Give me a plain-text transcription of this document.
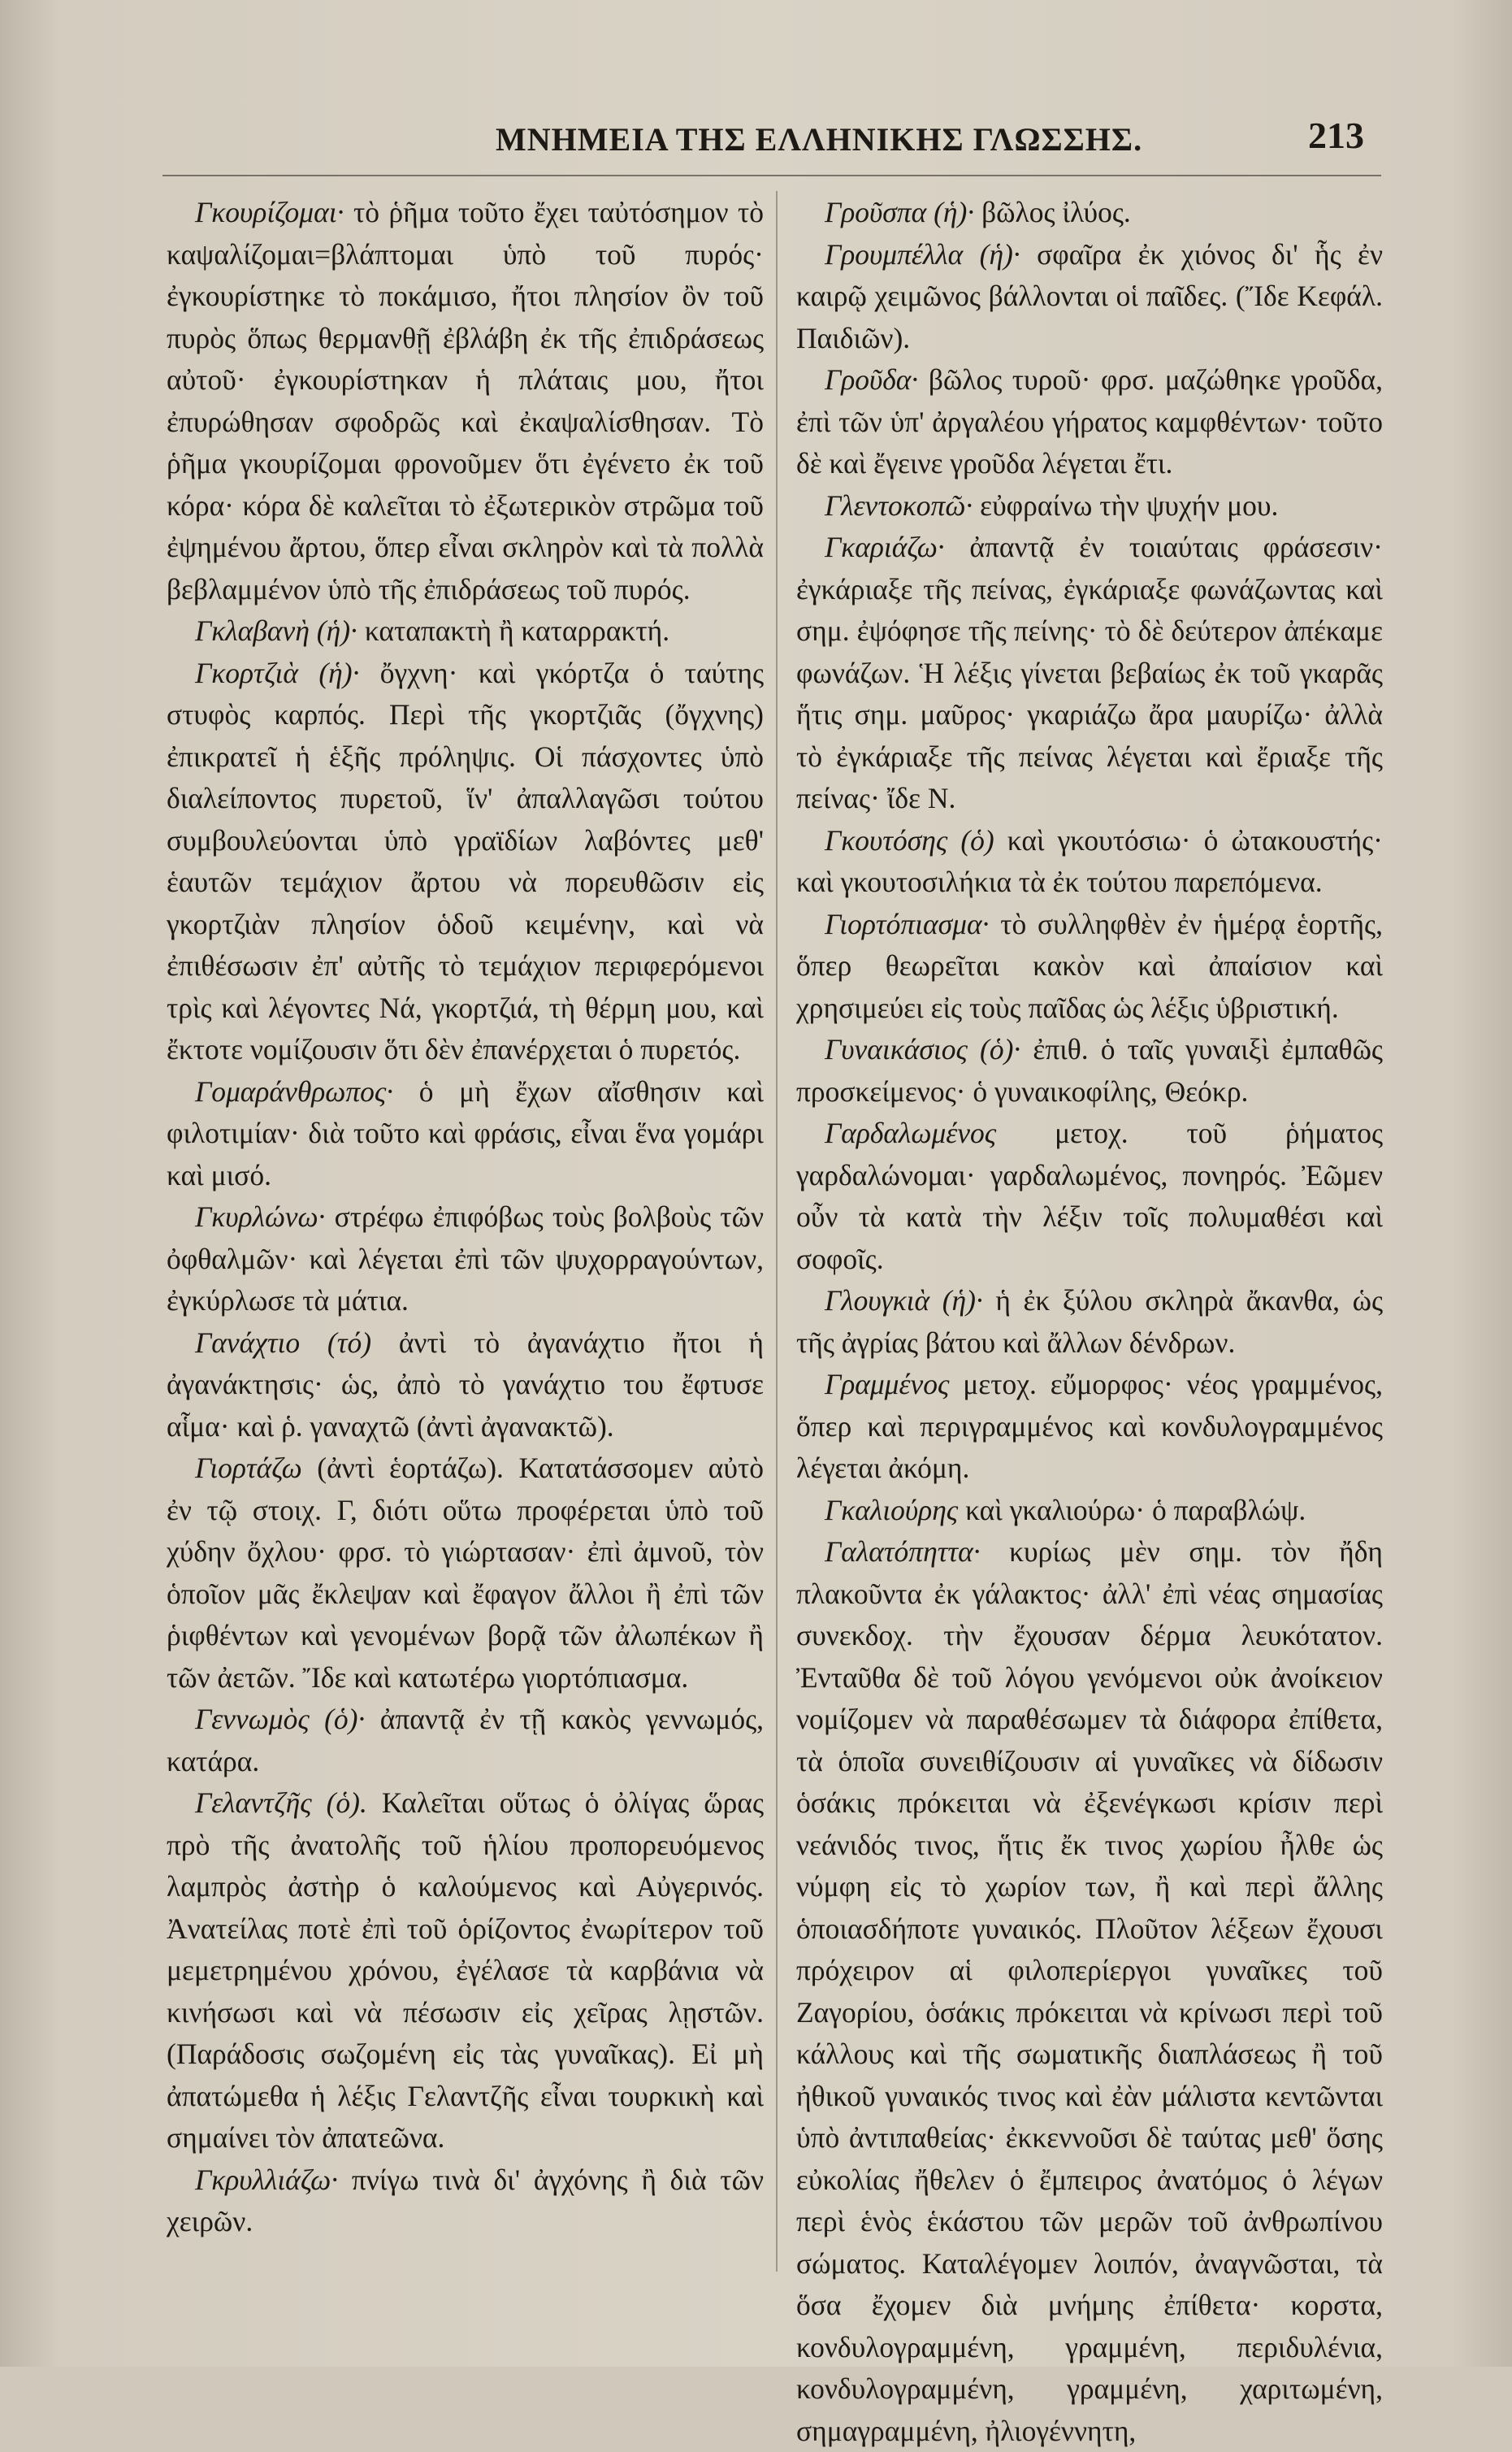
ΜΝΗΜΕΙΑ ΤΗΣ ΕΛΛΗΝΙΚΗΣ ΓΛΩΣΣΗΣ.	213

Γκουρίζομαι· τὸ ῥῆμα τοῦτο ἔχει ταὐτόσημον τὸ καψαλίζομαι=βλάπτομαι ὑπὸ τοῦ πυρός· ἐγκουρίστηκε τὸ ποκάμισο, ἤτοι πλησίον ὂν τοῦ πυρὸς ὅπως θερμανθῇ ἐβλάβη ἐκ τῆς ἐπιδράσεως αὐτοῦ· ἐγκουρίστηκαν ἡ πλάταις μου, ἤτοι ἐπυρώθησαν σφοδρῶς καὶ ἐκαψαλίσθησαν. Τὸ ῥῆμα γκουρίζομαι φρονοῦμεν ὅτι ἐγένετο ἐκ τοῦ κόρα· κόρα δὲ καλεῖται τὸ ἐξωτερικὸν στρῶμα τοῦ ἐψημένου ἄρτου, ὅπερ εἶναι σκληρὸν καὶ τὰ πολλὰ βεβλαμμένον ὑπὸ τῆς ἐπιδράσεως τοῦ πυρός.

Γκλαβανὴ (ἡ)· καταπακτὴ ἢ καταρρακτή.

Γκορτζιὰ (ἡ)· ὄγχνη· καὶ γκόρτζα ὁ ταύτης στυφὸς καρπός. Περὶ τῆς γκορτζιᾶς (ὄγχνης) ἐπικρατεῖ ἡ ἑξῆς πρόληψις. Οἱ πάσχοντες ὑπὸ διαλείποντος πυρετοῦ, ἵν' ἀπαλλαγῶσι τούτου συμβουλεύονται ὑπὸ γραϊδίων λαβόντες μεθ' ἑαυτῶν τεμάχιον ἄρτου νὰ πορευθῶσιν εἰς γκορτζιὰν πλησίον ὁδοῦ κειμένην, καὶ νὰ ἐπιθέσωσιν ἐπ' αὐτῆς τὸ τεμάχιον περιφερόμενοι τρὶς καὶ λέγοντες Νά, γκορτζιά, τὴ θέρμη μου, καὶ ἔκτοτε νομίζουσιν ὅτι δὲν ἐπανέρχεται ὁ πυρετός.

Γομαράνθρωπος· ὁ μὴ ἔχων αἴσθησιν καὶ φιλοτιμίαν· διὰ τοῦτο καὶ φράσις, εἶναι ἕνα γομάρι καὶ μισό.

Γκυρλώνω· στρέφω ἐπιφόβως τοὺς βολβοὺς τῶν ὀφθαλμῶν· καὶ λέγεται ἐπὶ τῶν ψυχορραγούντων, ἐγκύρλωσε τὰ μάτια.

Γανάχτιο (τό) ἀντὶ τὸ ἀγανάχτιο ἤτοι ἡ ἀγανάκτησις· ὡς, ἀπὸ τὸ γανάχτιο του ἔφτυσε αἷμα· καὶ ῥ. γαναχτῶ (ἀντὶ ἀγανακτῶ).

Γιορτάζω (ἀντὶ ἑορτάζω). Κατατάσσομεν αὐτὸ ἐν τῷ στοιχ. Γ, διότι οὕτω προφέρεται ὑπὸ τοῦ χύδην ὄχλου· φρσ. τὸ γιώρτασαν· ἐπὶ ἀμνοῦ, τὸν ὁποῖον μᾶς ἔκλεψαν καὶ ἔφαγον ἄλλοι ἢ ἐπὶ τῶν ῥιφθέντων καὶ γενομένων βορᾷ τῶν ἀλωπέκων ἢ τῶν ἀετῶν. Ἴδε καὶ κατωτέρω γιορτόπιασμα.

Γεννωμὸς (ὁ)· ἀπαντᾷ ἐν τῇ κακὸς γεννωμός, κατάρα.

Γελαντζῆς (ὁ). Καλεῖται οὕτως ὁ ὀλίγας ὥρας πρὸ τῆς ἀνατολῆς τοῦ ἡλίου προπορευόμενος λαμπρὸς ἀστὴρ ὁ καλούμενος καὶ Αὐγερινός. Ἀνατείλας ποτὲ ἐπὶ τοῦ ὁρίζοντος ἐνωρίτερον τοῦ μεμετρημένου χρόνου, ἐγέλασε τὰ καρβάνια νὰ κινήσωσι καὶ νὰ πέσωσιν εἰς χεῖρας λῃστῶν. (Παράδοσις σωζομένη εἰς τὰς γυναῖκας). Εἰ μὴ ἀπατώμεθα ἡ λέξις Γελαντζῆς εἶναι τουρκικὴ καὶ σημαίνει τὸν ἀπατεῶνα.

Γκρυλλιάζω· πνίγω τινὰ δι' ἀγχόνης ἢ διὰ τῶν χειρῶν.

Γροῦσπα (ἡ)· βῶλος ἰλύος.

Γρουμπέλλα (ἡ)· σφαῖρα ἐκ χιόνος δι' ἧς ἐν καιρῷ χειμῶνος βάλλονται οἱ παῖδες. (Ἴδε Κεφάλ. Παιδιῶν).

Γροῦδα· βῶλος τυροῦ· φρσ. μαζώθηκε γροῦδα, ἐπὶ τῶν ὑπ' ἀργαλέου γήρατος καμφθέντων· τοῦτο δὲ καὶ ἔγεινε γροῦδα λέγεται ἔτι.

Γλεντοκοπῶ· εὐφραίνω τὴν ψυχήν μου.

Γκαριάζω· ἀπαντᾷ ἐν τοιαύταις φράσεσιν· ἐγκάριαξε τῆς πείνας, ἐγκάριαξε φωνάζωντας καὶ σημ. ἐψόφησε τῆς πείνης· τὸ δὲ δεύτερον ἀπέκαμε φωνάζων. Ἡ λέξις γίνεται βεβαίως ἐκ τοῦ γκαρᾶς ἥτις σημ. μαῦρος· γκαριάζω ἄρα μαυρίζω· ἀλλὰ τὸ ἐγκάριαξε τῆς πείνας λέγεται καὶ ἔριαξε τῆς πείνας· ἴδε Ν.

Γκουτόσης (ὁ) καὶ γκουτόσιω· ὁ ὠτακουστής· καὶ γκουτοσιλήκια τὰ ἐκ τούτου παρεπόμενα.

Γιορτόπιασμα· τὸ συλληφθὲν ἐν ἡμέρᾳ ἑορτῆς, ὅπερ θεωρεῖται κακὸν καὶ ἀπαίσιον καὶ χρησιμεύει εἰς τοὺς παῖδας ὡς λέξις ὑβριστική.

Γυναικάσιος (ὁ)· ἐπιθ. ὁ ταῖς γυναιξὶ ἐμπαθῶς προσκείμενος· ὁ γυναικοφίλης, Θεόκρ.

Γαρδαλωμένος μετοχ. τοῦ ῥήματος γαρδαλώνομαι· γαρδαλωμένος, πονηρός. Ἐῶμεν οὖν τὰ κατὰ τὴν λέξιν τοῖς πολυμαθέσι καὶ σοφοῖς.

Γλουγκιὰ (ἡ)· ἡ ἐκ ξύλου σκληρὰ ἄκανθα, ὡς τῆς ἀγρίας βάτου καὶ ἄλλων δένδρων.

Γραμμένος μετοχ. εὔμορφος· νέος γραμμένος, ὅπερ καὶ περιγραμμένος καὶ κονδυλογραμμένος λέγεται ἀκόμη.

Γκαλιούρης καὶ γκαλιούρω· ὁ παραβλώψ.

Γαλατόπηττα· κυρίως μὲν σημ. τὸν ἤδη πλακοῦντα ἐκ γάλακτος· ἀλλ' ἐπὶ νέας σημασίας συνεκδοχ. τὴν ἔχουσαν δέρμα λευκότατον. Ἐνταῦθα δὲ τοῦ λόγου γενόμενοι οὐκ ἀνοίκειον νομίζομεν νὰ παραθέσωμεν τὰ διάφορα ἐπίθετα, τὰ ὁποῖα συνειθίζουσιν αἱ γυναῖκες νὰ δίδωσιν ὁσάκις πρόκειται νὰ ἐξενέγκωσι κρίσιν περὶ νεάνιδός τινος, ἥτις ἔκ τινος χωρίου ἦλθε ὡς νύμφη εἰς τὸ χωρίον των, ἢ καὶ περὶ ἄλλης ὁποιασδήποτε γυναικός. Πλοῦτον λέξεων ἔχουσι πρόχειρον αἱ φιλοπερίεργοι γυναῖκες τοῦ Ζαγορίου, ὁσάκις πρόκειται νὰ κρίνωσι περὶ τοῦ κάλλους καὶ τῆς σωματικῆς διαπλάσεως ἢ τοῦ ἠθικοῦ γυναικός τινος καὶ ἐὰν μάλιστα κεντῶνται ὑπὸ ἀντιπαθείας· ἐκκεννοῦσι δὲ ταύτας μεθ' ὅσης εὐκολίας ἤθελεν ὁ ἔμπειρος ἀνατόμος ὁ λέγων περὶ ἑνὸς ἑκάστου τῶν μερῶν τοῦ ἀνθρωπίνου σώματος. Καταλέγομεν λοιπόν, ἀναγνῶσται, τὰ ὅσα ἔχομεν διὰ μνήμης ἐπίθετα· κορστα, κονδυλογραμμένη, γραμμένη, περιδυλένια, κονδυλογραμμένη, γραμμένη, χαριτωμένη, σημαγραμμένη, ἠλιογέννητη,
